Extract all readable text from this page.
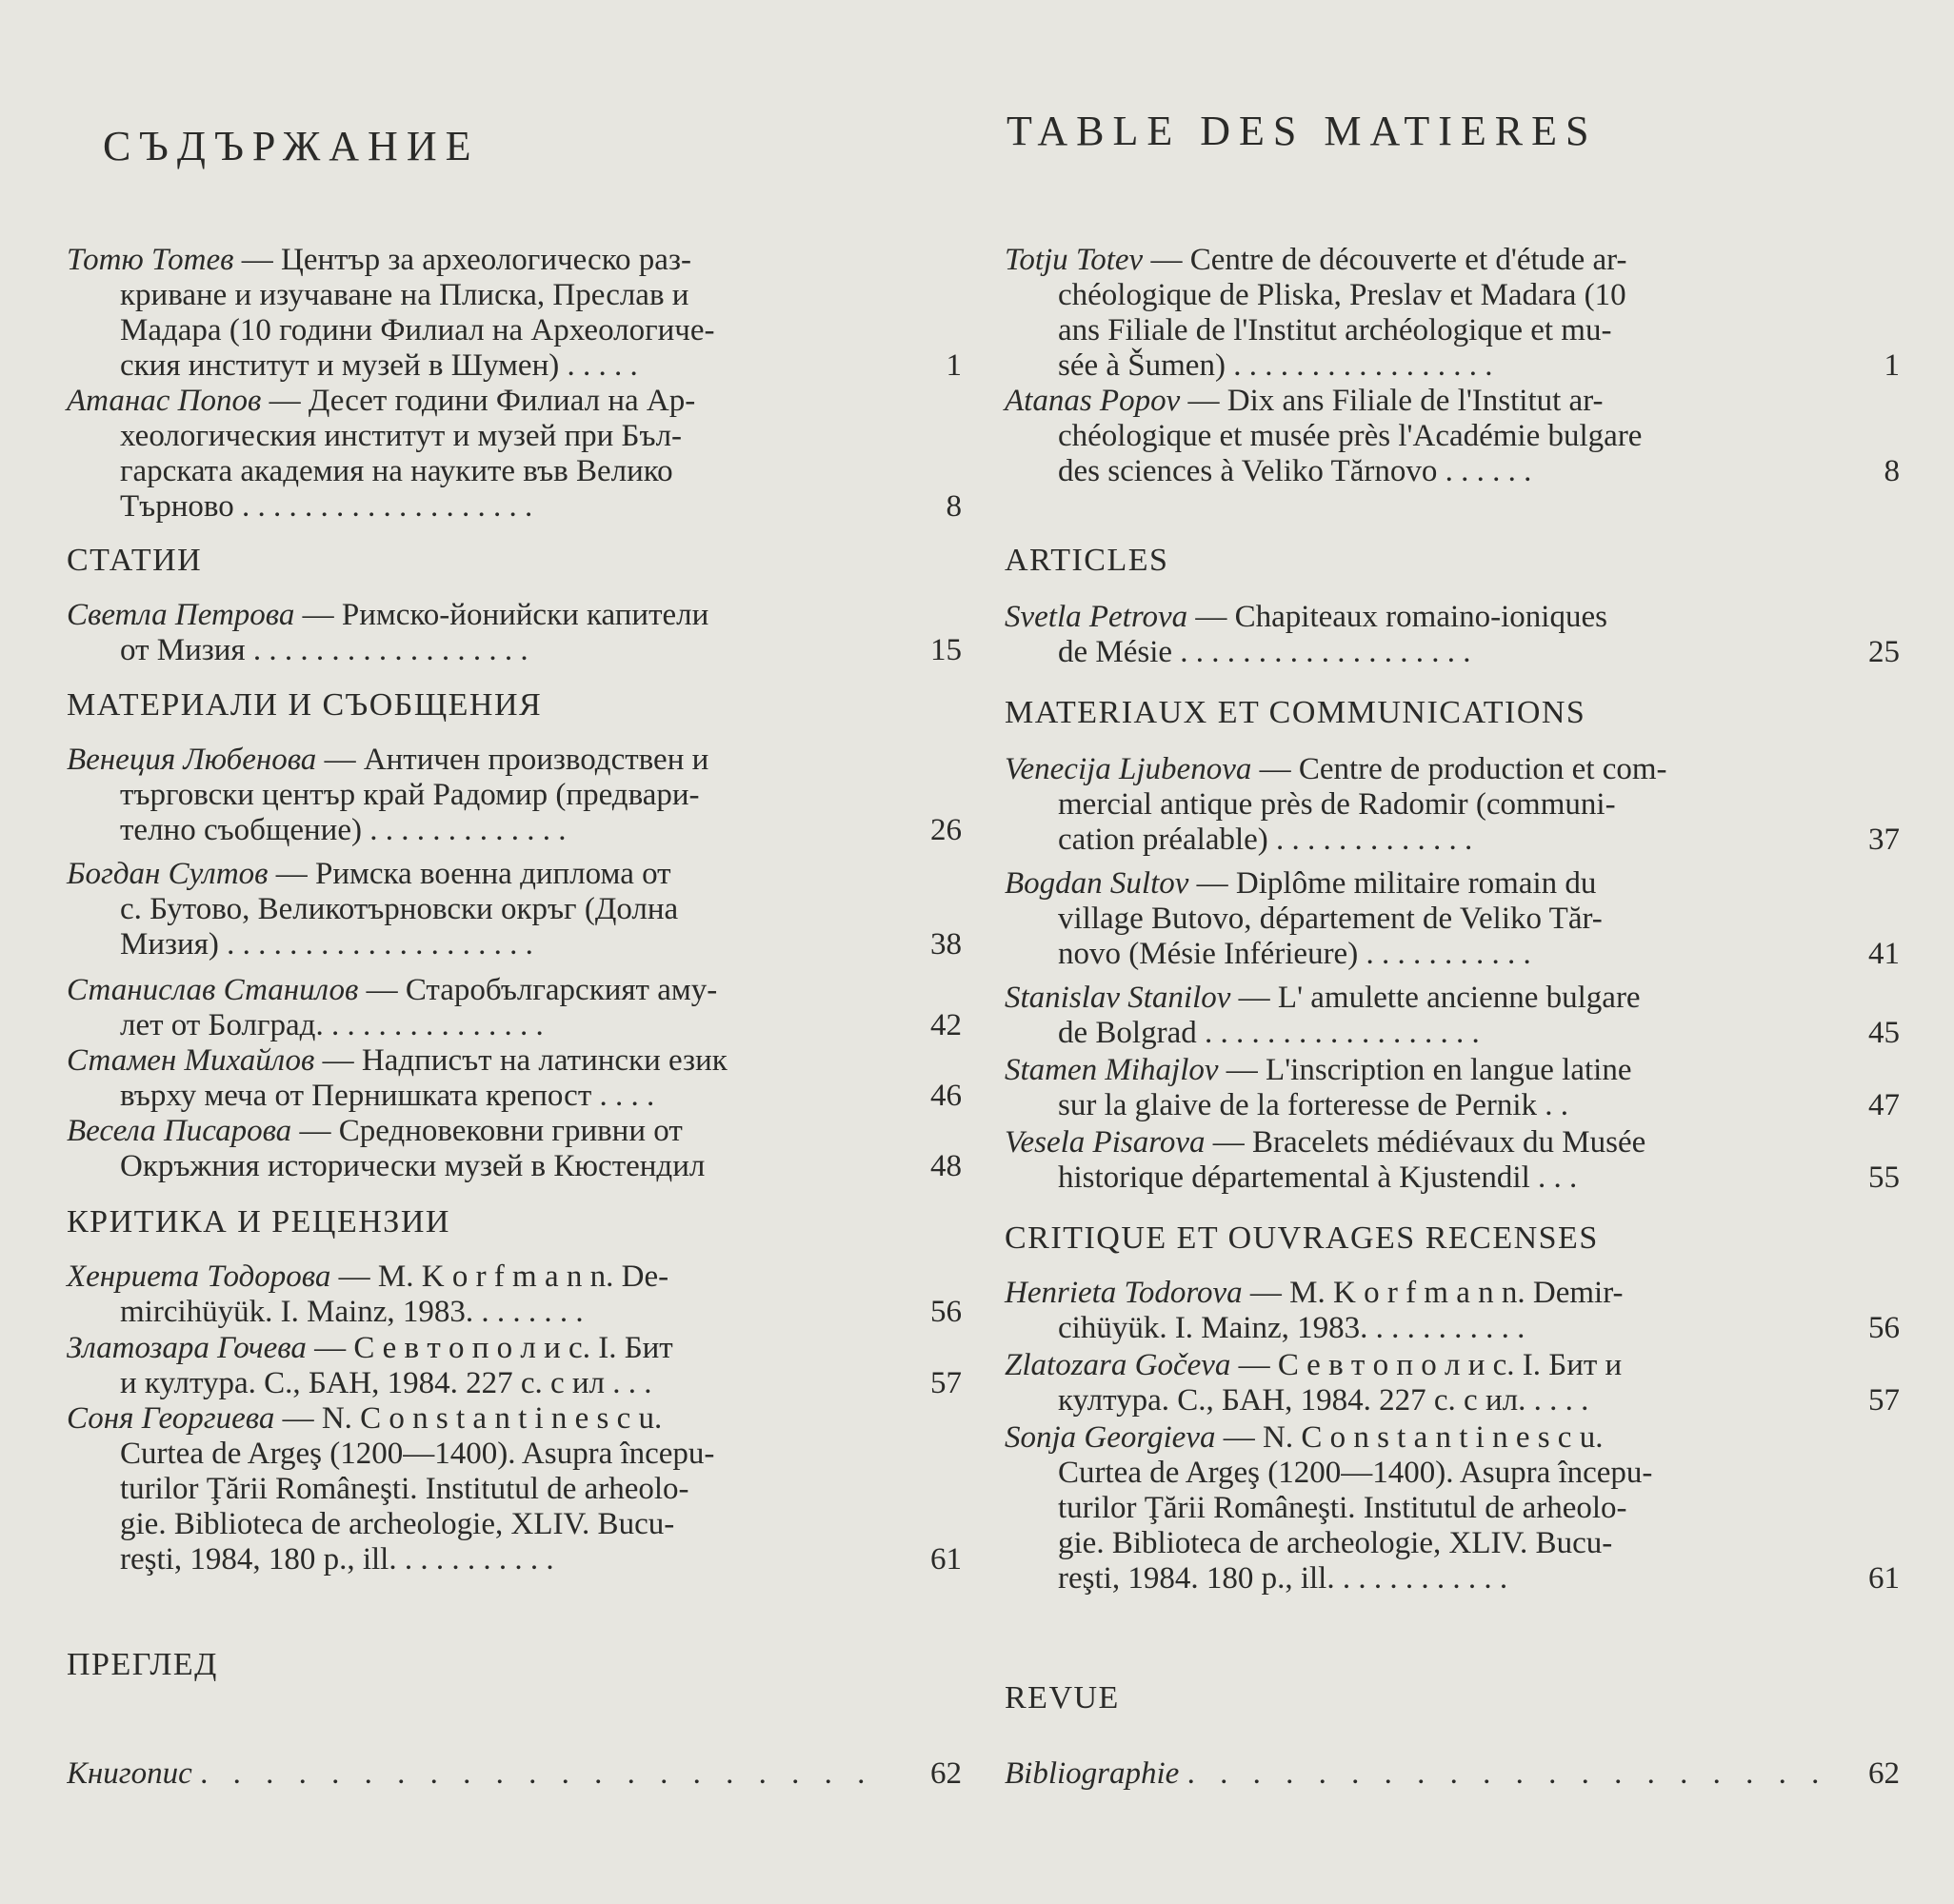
СЪДЪРЖАНИЕ
Тотю Тотев — Център за археологическо раз-
криване и изучаване на Плиска, Преслав и
Мадара (10 години Филиал на Археологиче-
ския институт и музей в Шумен) . . . . .	1
Атанас Попов — Десет години Филиал на Ар-
хеологическия институт и музей при Бъл-
гарската академия на науките във Велико
Търново . . . . . . . . . . . . . . . . . . .	8
СТАТИИ
Светла Петрова — Римско-йонийски капители
от Мизия . . . . . . . . . . . . . . . . . .	15
МАТЕРИАЛИ И СЪОБЩЕНИЯ
Венеция Любенова — Античен производствен и
търговски център край Радомир (предвари-
телно съобщение) . . . . . . . . . . . . .	26
Богдан Султов — Римска военна диплома от
с. Бутово, Великотърновски окръг (Долна
Мизия) . . . . . . . . . . . . . . . . . . . .	38
Станислав Станилов — Старобългарският аму-
лет от Болград. . . . . . . . . . . . . . .	42
Стамен Михайлов — Надписът на латински език
върху меча от Пернишката крепост . . . .	46
Весела Писарова — Средновековни гривни от
Окръжния исторически музей в Кюстендил	48
КРИТИКА И РЕЦЕНЗИИ
Хенриета Тодорова — M. K o r f m a n n. De-
mircihüyük. I. Mainz, 1983. . . . . . . .	56
Златозара Гочева — С е в т о п о л и с. I. Бит
и култура. С., БАН, 1984. 227 с. с ил . . .	57
Соня Георгиева — N. C o n s t a n t i n e s c u.
Curtea de Argeş (1200—1400). Asupra începu-
turilor Ţării Româneşti. Institutul de arheolo-
gie. Biblioteca de archeologie, XLIV. Bucu-
reşti, 1984, 180 p., ill. . . . . . . . . . .	61
ПРЕГЛЕД
Книгопис . . . . . . . . . . . . . . . . . . . . .	62
TABLE DES MATIERES
Totju Totev — Centre de découverte et d'étude ar-
chéologique de Pliska, Preslav et Madara (10
ans Filiale de l'Institut archéologique et mu-
sée à Šumen) . . . . . . . . . . . . . . . . .	1
Atanas Popov — Dix ans Filiale de l'Institut ar-
chéologique et musée près l'Académie bulgare
des sciences à Veliko Tărnovo . . . . . .	8
ARTICLES
Svetla Petrova — Chapiteaux romaino-ioniques
de Mésie . . . . . . . . . . . . . . . . . . .	25
MATERIAUX ET COMMUNICATIONS
Venecija Ljubenova — Centre de production et com-
mercial antique près de Radomir (communi-
cation préalable) . . . . . . . . . . . . .	37
Bogdan Sultov — Diplôme militaire romain du
village Butovo, département de Veliko Tăr-
novo (Mésie Inférieure) . . . . . . . . . . .	41
Stanislav Stanilov — L' amulette ancienne bulgare
de Bolgrad . . . . . . . . . . . . . . . . . .	45
Stamen Mihajlov — L'inscription en langue latine
sur la glaive de la forteresse de Pernik . .	47
Vesela Pisarova — Bracelets médiévaux du Musée
historique départemental à Kjustendil . . .	55
CRITIQUE ET OUVRAGES RECENSES
Henrieta Todorova — M. K o r f m a n n. Demir-
cihüyük. I. Mainz, 1983. . . . . . . . . . .	56
Zlatozara Gočeva — С е в т о п о л и с. I. Бит и
култура. С., БАН, 1984. 227 с. с ил. . . . .	57
Sonja Georgieva — N. C o n s t a n t i n e s c u.
Curtea de Argeş (1200—1400). Asupra începu-
turilor Ţării Româneşti. Institutul de arheolo-
gie. Biblioteca de archeologie, XLIV. Bucu-
reşti, 1984. 180 p., ill. . . . . . . . . . . .	61
REVUE
Bibliographie . . . . . . . . . . . . . . . . . . . .	62
